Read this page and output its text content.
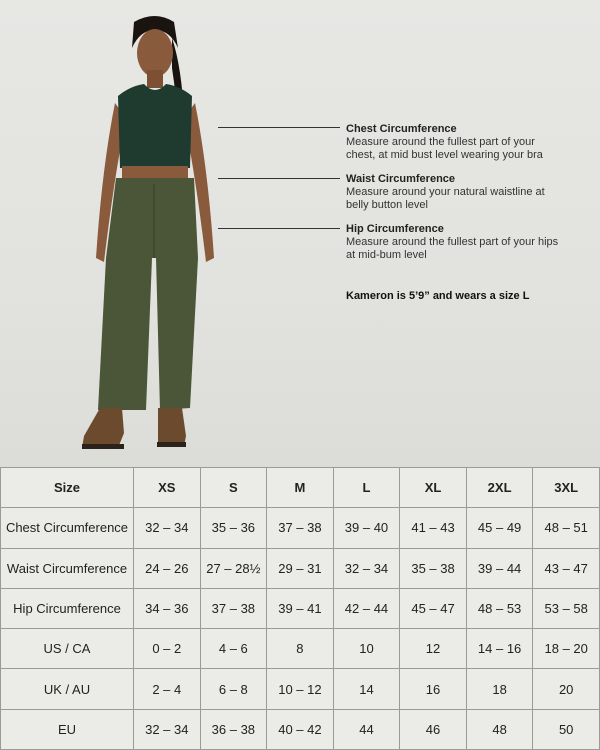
Chest Circumference
Measure around the fullest part of your
chest, at mid bust level wearing your bra
Waist Circumference
Measure around your natural waistline at
belly button level
Hip Circumference
Measure around the fullest part of your hips
at mid-bum level
Kameron is 5’9” and wears a size L
Size	XS	S	M	L	XL	2XL	3XL
Chest Circumference	32 – 34	35 – 36	37 – 38	39 – 40	41 – 43	45 – 49	48 – 51
Waist Circumference	24 – 26	27 – 28½	29 – 31	32 – 34	35 – 38	39 – 44	43 – 47
Hip Circumference	34 – 36	37 – 38	39 – 41	42 – 44	45 – 47	48 – 53	53 – 58
US / CA	0 – 2	4 – 6	8	10	12	14 – 16	18 – 20
UK / AU	2 – 4	6 – 8	10 – 12	14	16	18	20
EU	32 – 34	36 – 38	40 – 42	44	46	48	50
